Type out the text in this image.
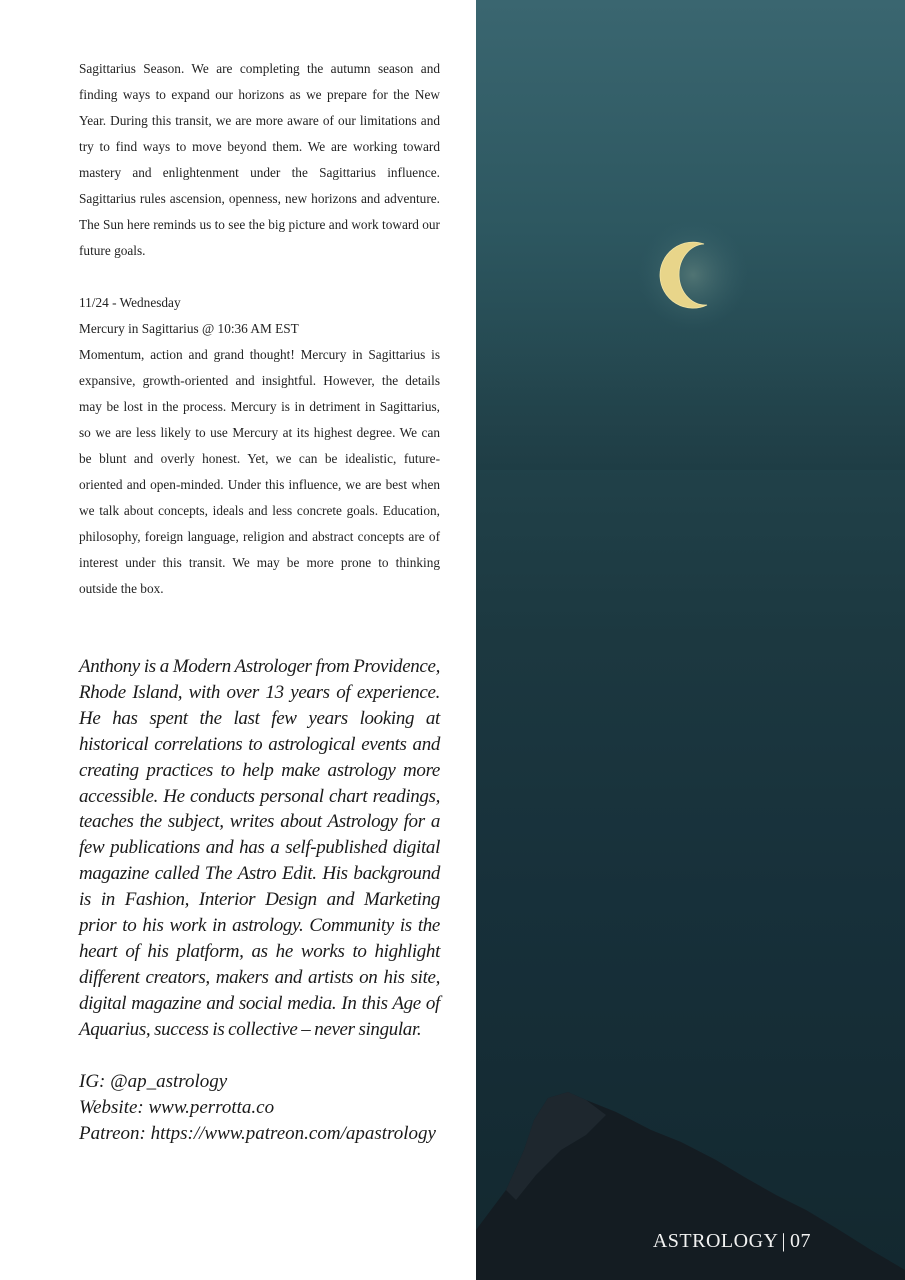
Sagittarius Season. We are completing the autumn season and finding ways to expand our horizons as we prepare for the New Year. During this transit, we are more aware of our limitations and try to find ways to move beyond them. We are working toward mastery and enlightenment under the Sagittarius influence. Sagittarius rules ascension, openness, new horizons and adventure. The Sun here reminds us to see the big picture and work toward our future goals.

11/24 - Wednesday
Mercury in Sagittarius @ 10:36 AM EST

Momentum, action and grand thought! Mercury in Sagittarius is expansive, growth-oriented and insightful. However, the details may be lost in the process. Mercury is in detriment in Sagittarius, so we are less likely to use Mercury at its highest degree. We can be blunt and overly honest. Yet, we can be idealistic, future-oriented and open-minded. Under this influence, we are best when we talk about concepts, ideals and less concrete goals. Education, philosophy, foreign language, religion and abstract concepts are of interest under this transit. We may be more prone to thinking outside the box.

Anthony is a Modern Astrologer from Providence, Rhode Island, with over 13 years of experience. He has spent the last few years looking at historical correlations to astrological events and creating practices to help make astrology more accessible. He conducts personal chart readings, teaches the subject, writes about Astrology for a few publications and has a self-published digital magazine called The Astro Edit. His background is in Fashion, Interior Design and Marketing prior to his work in astrology. Community is the heart of his platform, as he works to highlight different creators, makers and artists on his site, digital magazine and social media. In this Age of Aquarius, success is collective – never singular.

IG: @ap_astrology
Website: www.perrotta.co
Patreon: https://www.patreon.com/apastrology
ASTROLOGY | 07
